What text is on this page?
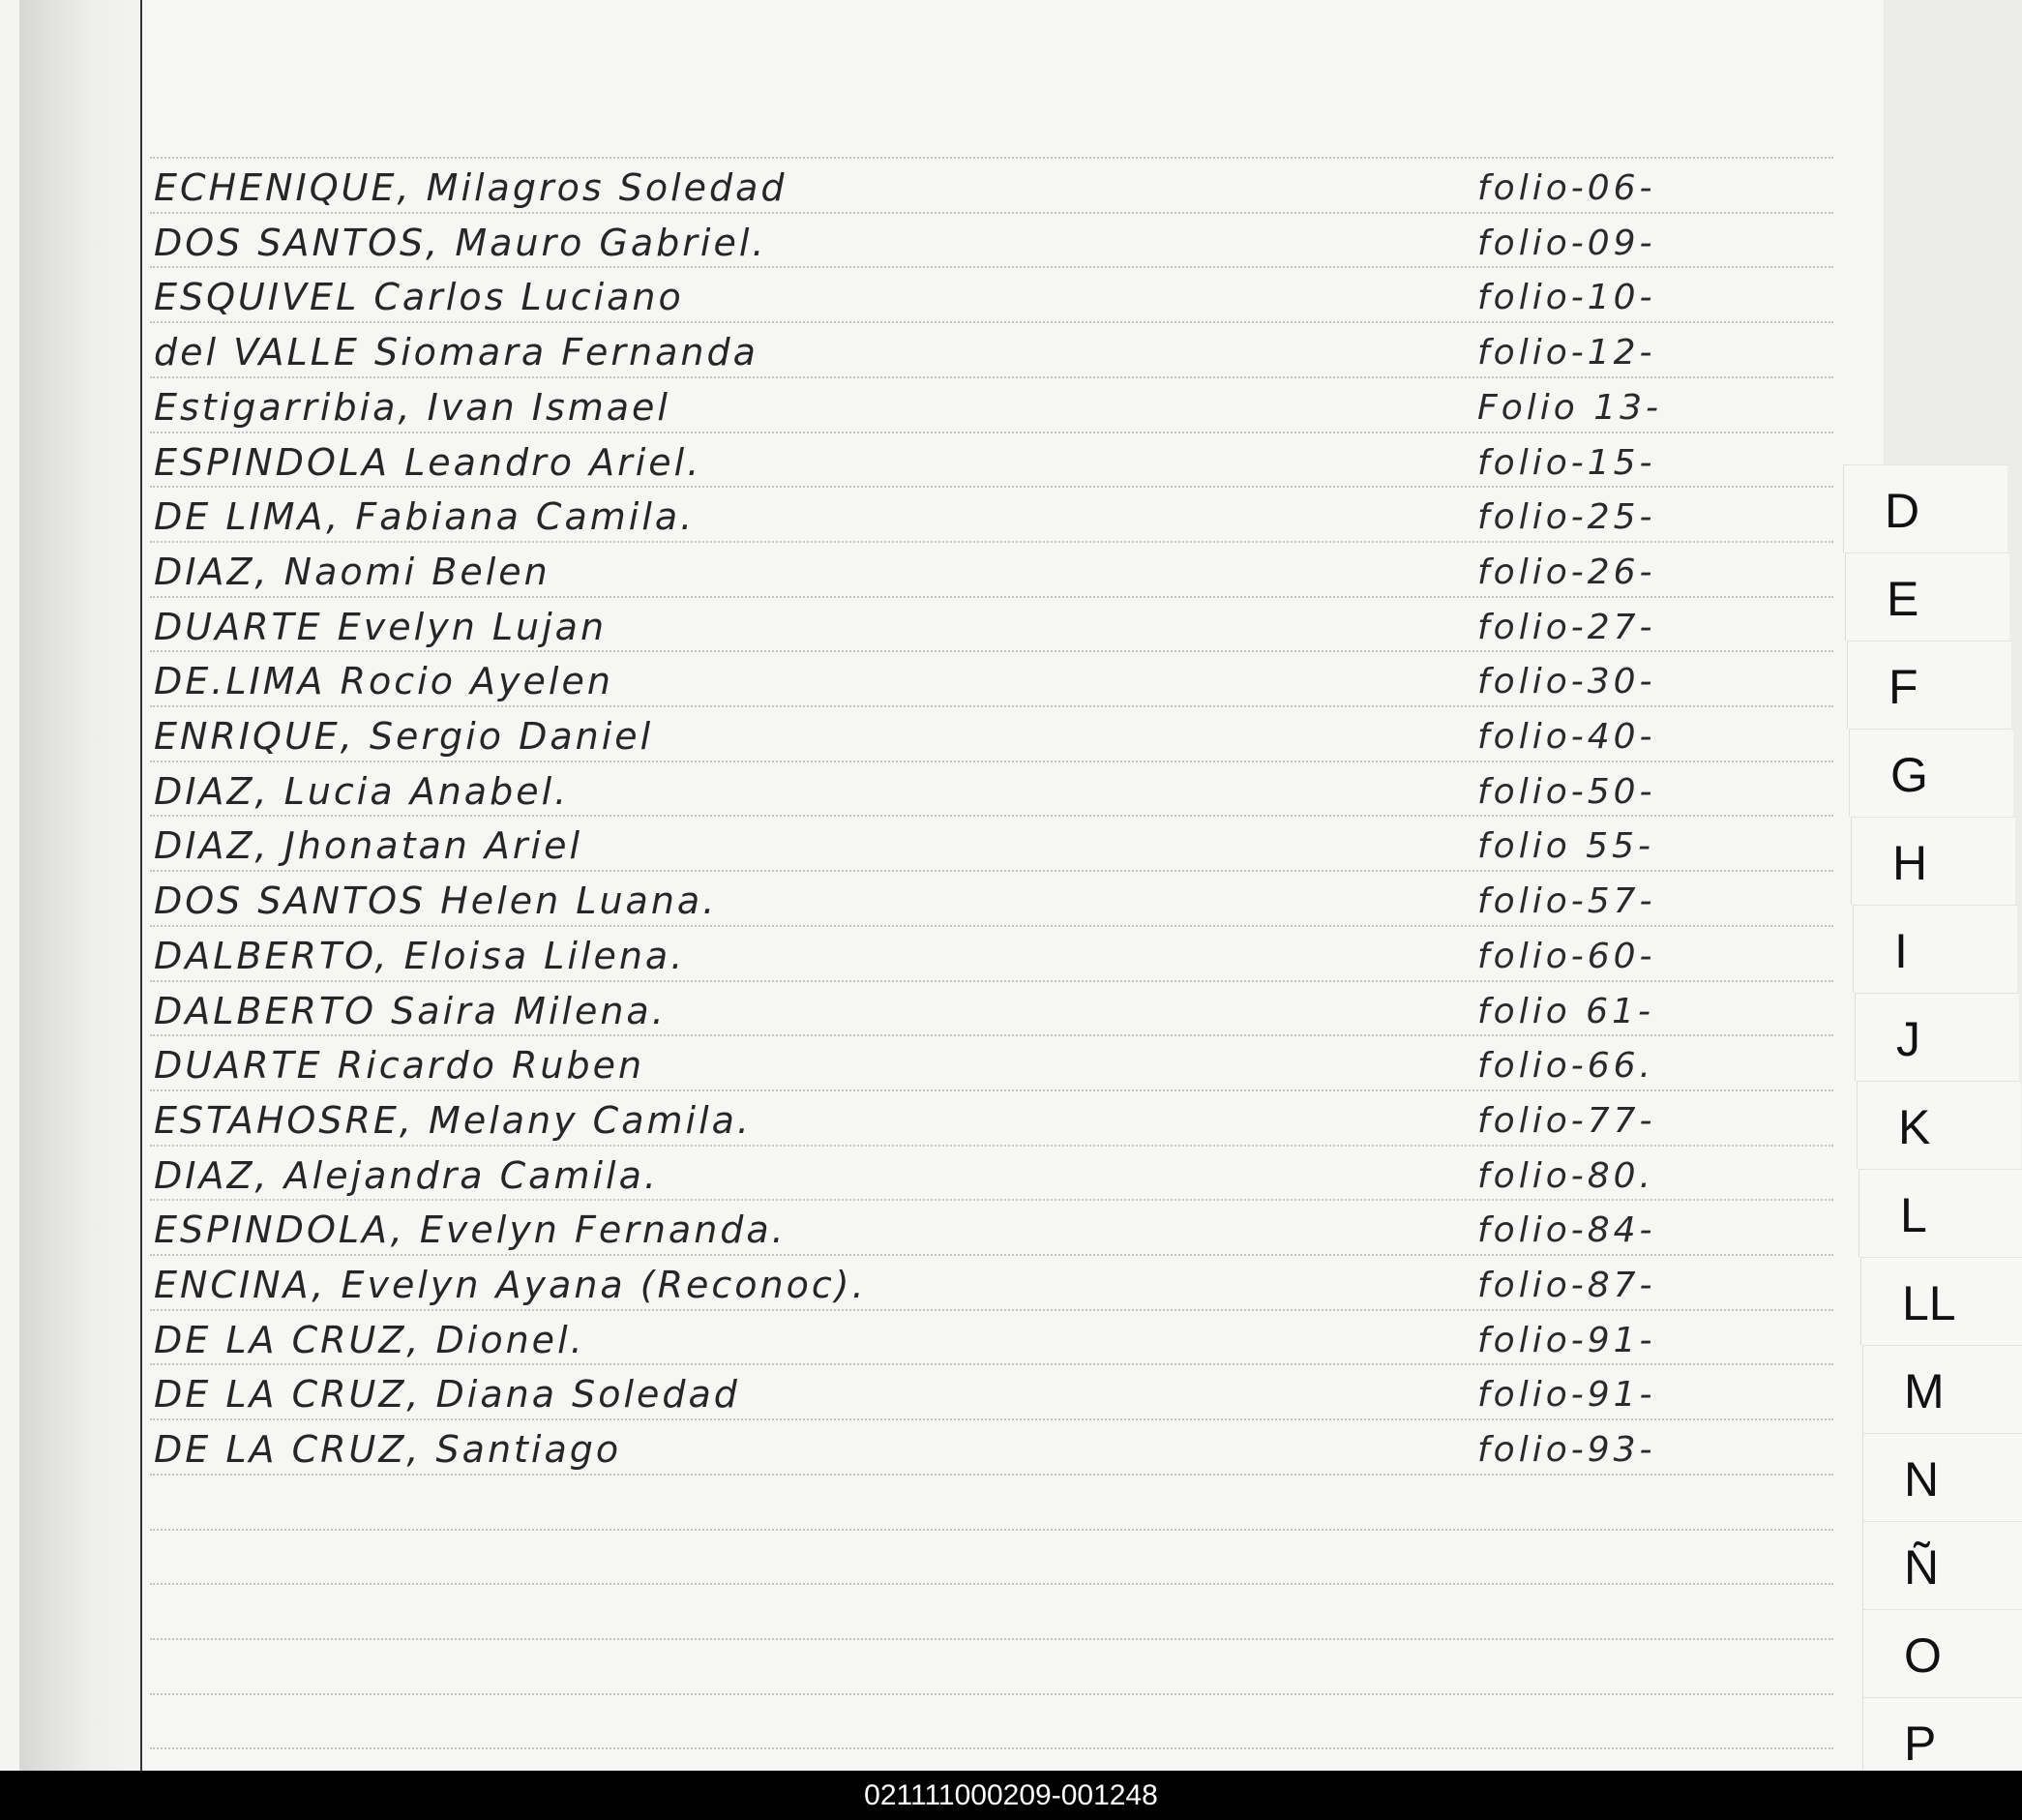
ECHENIQUE, Milagros Soledad	folio-06-
DOS SANTOS, Mauro Gabriel.	folio-09-
ESQUIVEL Carlos Luciano	folio-10-
del VALLE Siomara Fernanda	folio-12-
Estigarribia, Ivan Ismael	Folio 13-
ESPINDOLA Leandro Ariel.	folio-15-
DE LIMA, Fabiana Camila.	folio-25-
DIAZ, Naomi Belen	folio-26-
DUARTE Evelyn Lujan	folio-27-
DE.LIMA Rocio Ayelen	folio-30-
ENRIQUE, Sergio Daniel	folio-40-
DIAZ, Lucia Anabel.	folio-50-
DIAZ, Jhonatan Ariel	folio 55-
DOS SANTOS Helen Luana.	folio-57-
DALBERTO, Eloisa Lilena.	folio-60-
DALBERTO Saira Milena.	folio 61-
DUARTE Ricardo Ruben	folio-66.
ESTAHOSRE, Melany Camila.	folio-77-
DIAZ, Alejandra Camila.	folio-80.
ESPINDOLA, Evelyn Fernanda.	folio-84-
ENCINA, Evelyn Ayana (Reconoc).	folio-87-
DE LA CRUZ, Dionel.	folio-91-
DE LA CRUZ, Diana Soledad	folio-91-
DE LA CRUZ, Santiago	folio-93-
D
E
F
G
H
I
J
K
L
LL
M
N
Ñ
O
P
021111000209-001248
